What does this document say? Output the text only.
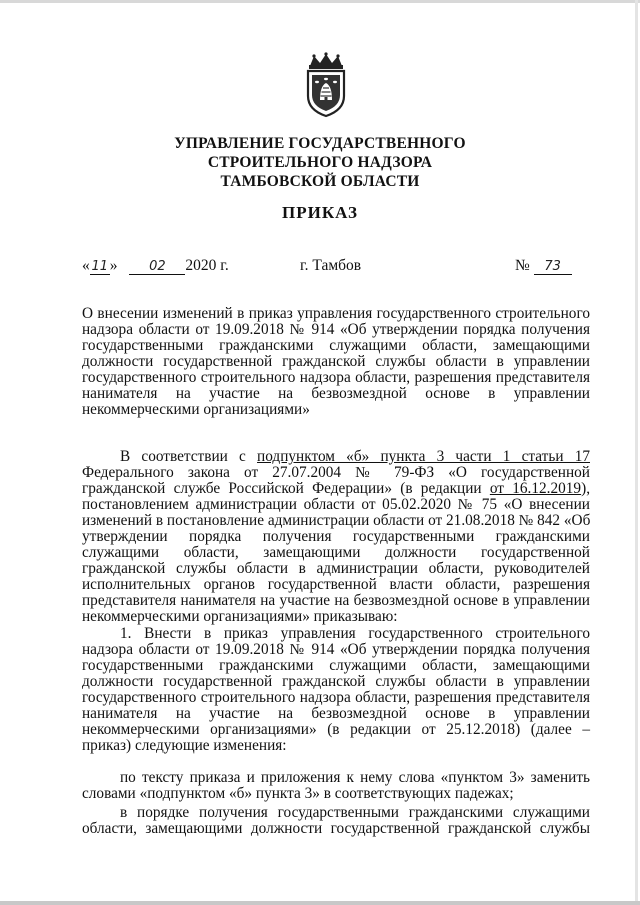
УПРАВЛЕНИЕ ГОСУДАРСТВЕННОГО
СТРОИТЕЛЬНОГО НАДЗОРА
ТАМБОВСКОЙ ОБЛАСТИ
ПРИКАЗ
« 11 » 02 2020 г.	г. Тамбов	№ 73
О внесении изменений в приказ управления государственного строительного
надзора области от 19.09.2018 № 914 «Об утверждении порядка получения
государственными гражданскими служащими области, замещающими
должности государственной гражданской службы области в управлении
государственного строительного надзора области, разрешения представителя
нанимателя на участие на безвозмездной основе в управлении
некоммерческими организациями»
В соответствии с подпунктом «б» пункта 3 части 1 статьи 17
Федерального закона от 27.07.2004 № 79-ФЗ «О государственной
гражданской службе Российской Федерации» (в редакции от 16.12.2019),
постановлением администрации области от 05.02.2020 № 75 «О внесении
изменений в постановление администрации области от 21.08.2018 № 842 «Об
утверждении порядка получения государственными гражданскими
служащими области, замещающими должности государственной
гражданской службы области в администрации области, руководителей
исполнительных органов государственной власти области, разрешения
представителя нанимателя на участие на безвозмездной основе в управлении
некоммерческими организациями» приказываю:
1. Внести в приказ управления государственного строительного
надзора области от 19.09.2018 № 914 «Об утверждении порядка получения
государственными гражданскими служащими области, замещающими
должности государственной гражданской службы области в управлении
государственного строительного надзора области, разрешения представителя
нанимателя на участие на безвозмездной основе в управлении
некоммерческими организациями» (в редакции от 25.12.2018) (далее –
приказ) следующие изменения:
по тексту приказа и приложения к нему слова «пунктом 3» заменить
словами «подпунктом «б» пункта 3» в соответствующих падежах;
в порядке получения государственными гражданскими служащими
области, замещающими должности государственной гражданской службы
